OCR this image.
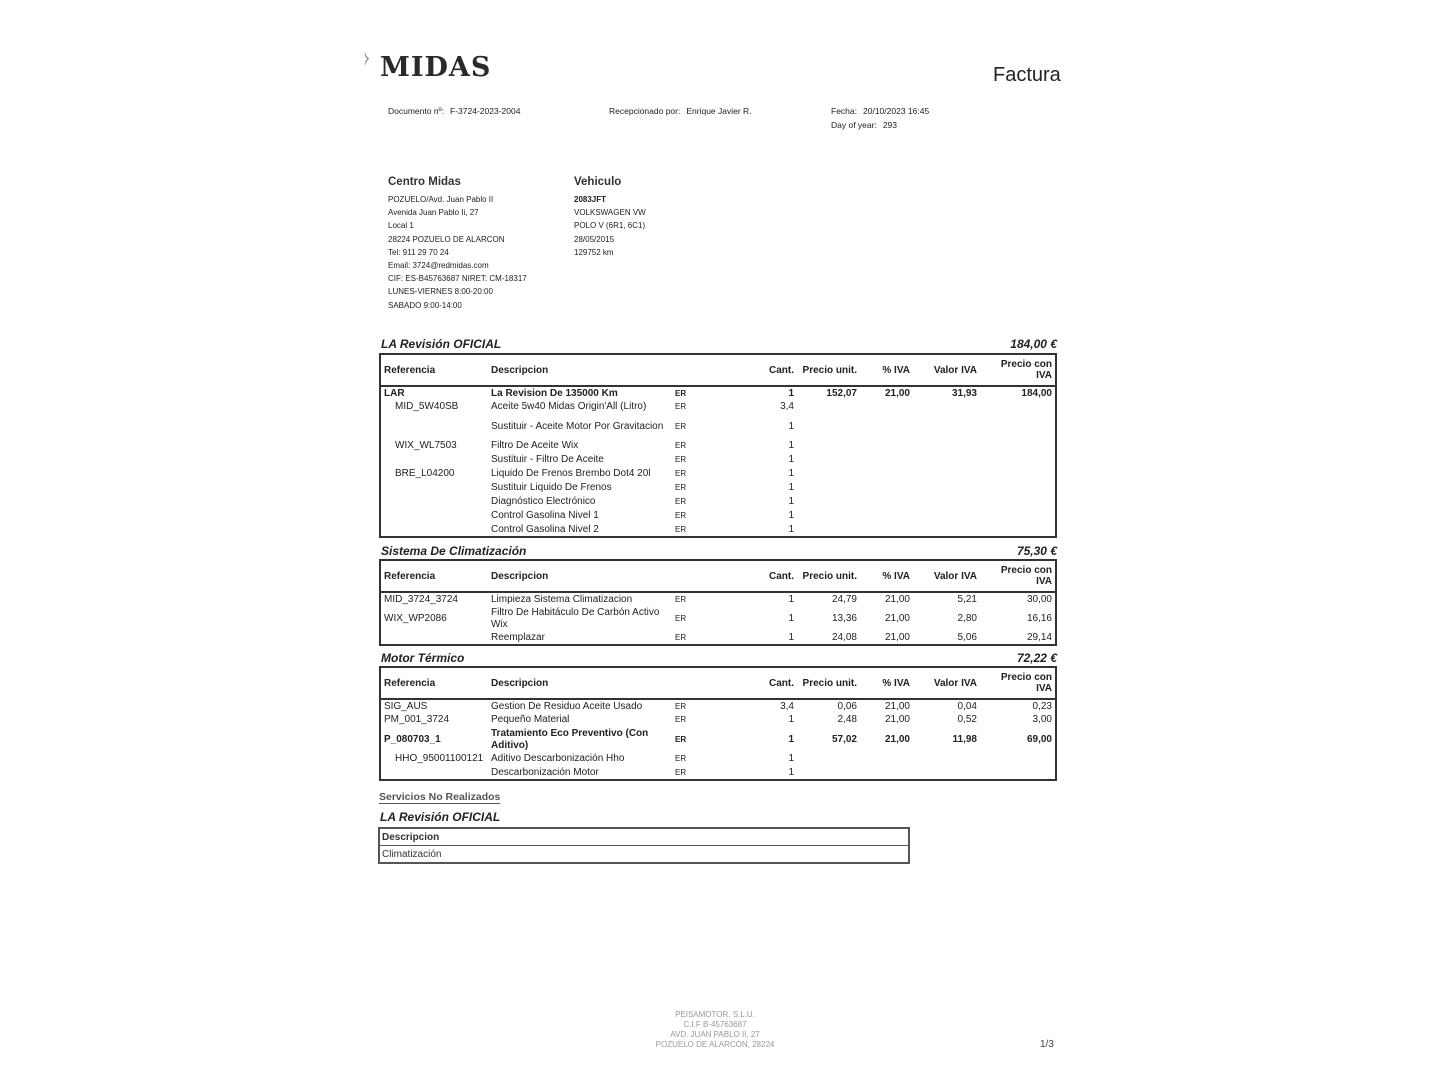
⧽ MIDAS	Factura
Documento nº: F-3724-2023-2004	Recepcionado por: Enrique Javier R.	Fecha: 20/10/2023 16:45
Day of year: 293
Centro Midas
POZUELO/Avd. Juan Pablo II
Avenida Juan Pablo Ii, 27
Local 1
28224 POZUELO DE ALARCON
Tel: 911 29 70 24
Email: 3724@redmidas.com
CIF: ES-B45763687 NIRET: CM-18317
LUNES-VIERNES 8:00-20:00
SABADO 9:00-14:00
Vehiculo
2083JFT
VOLKSWAGEN VW
POLO V (6R1, 6C1)
28/05/2015
129752 km
LA Revisión OFICIAL	184,00 €
Referencia	Descripcion		Cant.	Precio unit.	% IVA	Valor IVA	Precio con
IVA

LAR	La Revision De 135000 Km	ER	1	152,07	21,00	31,93	184,00
MID_5W40SB	Aceite 5w40 Midas Origin'All (Litro)	ER	3,4				
	Sustituir - Aceite Motor Por Gravitacion	ER	1				
WIX_WL7503	Filtro De Aceite Wix	ER	1				
	Sustituir - Filtro De Aceite	ER	1				
BRE_L04200	Liquido De Frenos Brembo Dot4 20l	ER	1				
	Sustituir Liquido De Frenos	ER	1				
	Diagnóstico Electrónico	ER	1				
	Control Gasolina Nivel 1	ER	1				
	Control Gasolina Nivel 2	ER	1				
Sistema De Climatización	75,30 €
Referencia	Descripcion		Cant.	Precio unit.	% IVA	Valor IVA	Precio con
IVA

MID_3724_3724	Limpieza Sistema Climatizacion	ER	1	24,79	21,00	5,21	30,00
WIX_WP2086	Filtro De Habitáculo De Carbón Activo Wix	ER	1	13,36	21,00	2,80	16,16
	Reemplazar	ER	1	24,08	21,00	5,06	29,14
Motor Térmico	72,22 €
Referencia	Descripcion		Cant.	Precio unit.	% IVA	Valor IVA	Precio con
IVA

SIG_AUS	Gestion De Residuo Aceite Usado	ER	3,4	0,06	21,00	0,04	0,23
PM_001_3724	Pequeño Material	ER	1	2,48	21,00	0,52	3,00
P_080703_1	Tratamiento Eco Preventivo (Con Aditivo)	ER	1	57,02	21,00	11,98	69,00
HHO_95001100121	Aditivo Descarbonización Hho	ER	1				
	Descarbonización Motor	ER	1				
Servicios No Realizados
LA Revisión OFICIAL
Descripcion
Climatización
PEISAMOTOR, S.L.U.
C.I.F B-45763687
AVD. JUAN PABLO II, 27
POZUELO DE ALARCON, 28224	1/3
